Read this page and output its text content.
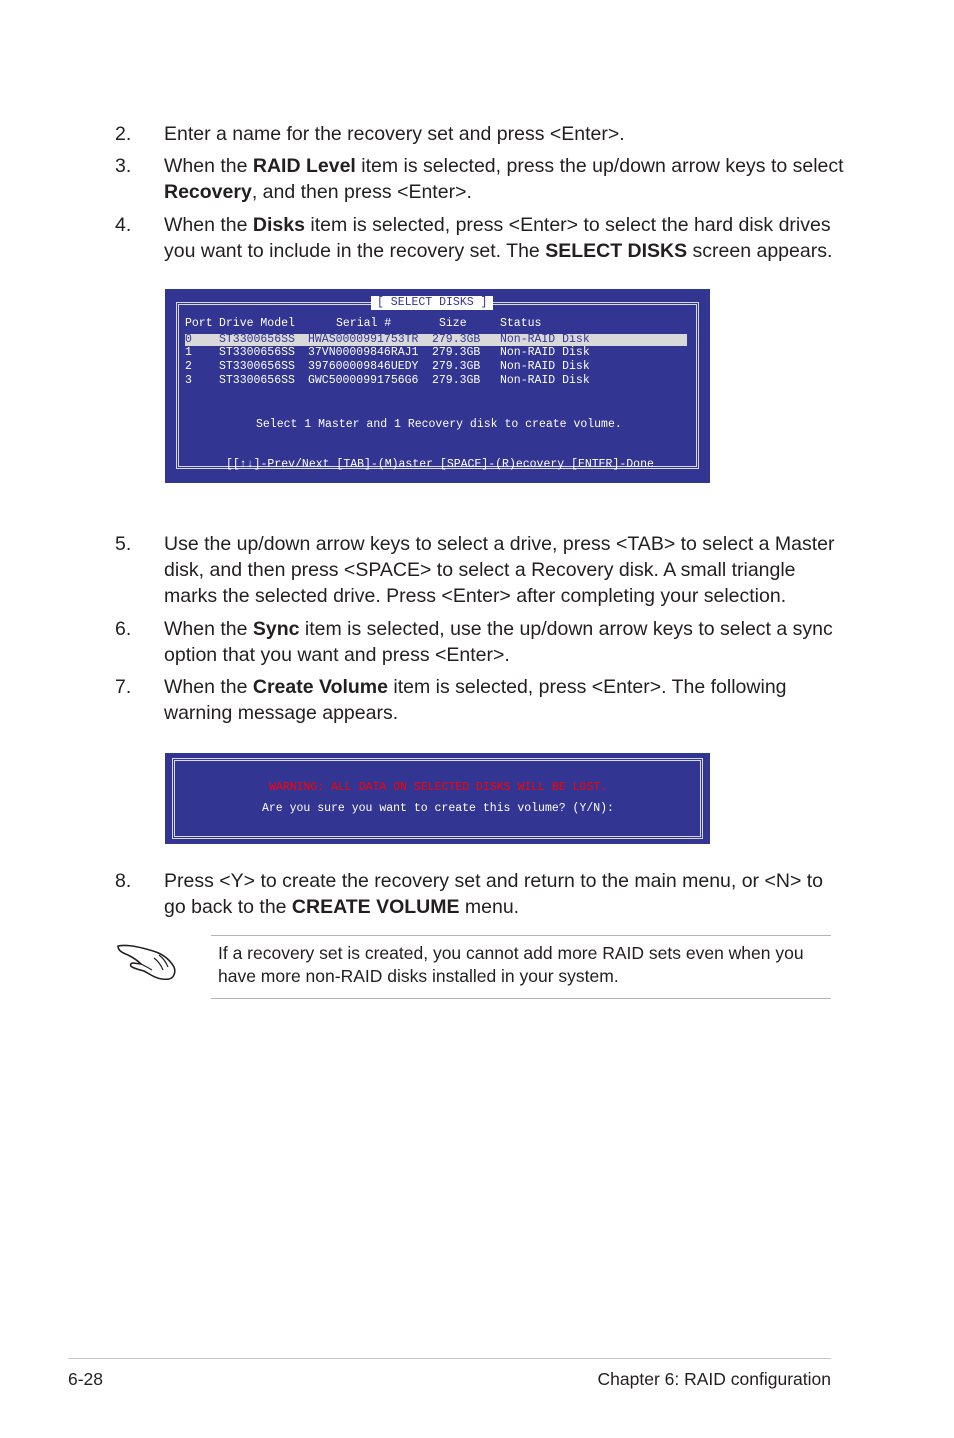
2. Enter a name for the recovery set and press <Enter>.
3. When the RAID Level item is selected, press the up/down arrow keys to select Recovery, and then press <Enter>.
4. When the Disks item is selected, press <Enter> to select the hard disk drives you want to include in the recovery set. The SELECT DISKS screen appears.
[ SELECT DISKS ]
Port Drive Model	Serial #	Size	Status
0 ST3300656SS HWAS0000991753TR 279.3GB Non-RAID Disk
1 ST3300656SS 37VN00009846RAJ1 279.3GB Non-RAID Disk
2 ST3300656SS 397600009846UEDY 279.3GB Non-RAID Disk
3 ST3300656SS GWC50000991756G6 279.3GB Non-RAID Disk
Select 1 Master and 1 Recovery disk to create volume.
[[↑↓]-Prev/Next [TAB]-(M)aster [SPACE]-(R)ecovery [ENTER]-Done
5. Use the up/down arrow keys to select a drive, press <TAB> to select a Master disk, and then press <SPACE> to select a Recovery disk. A small triangle marks the selected drive. Press <Enter> after completing your selection.
6. When the Sync item is selected, use the up/down arrow keys to select a sync option that you want and press <Enter>.
7. When the Create Volume item is selected, press <Enter>. The following warning message appears.
WARNING: ALL DATA ON SELECTED DISKS WILL BE LOST.
Are you sure you want to create this volume? (Y/N):
8. Press <Y> to create the recovery set and return to the main menu, or <N> to go back to the CREATE VOLUME menu.
If a recovery set is created, you cannot add more RAID sets even when you have more non-RAID disks installed in your system.
6-28	Chapter 6: RAID configuration
